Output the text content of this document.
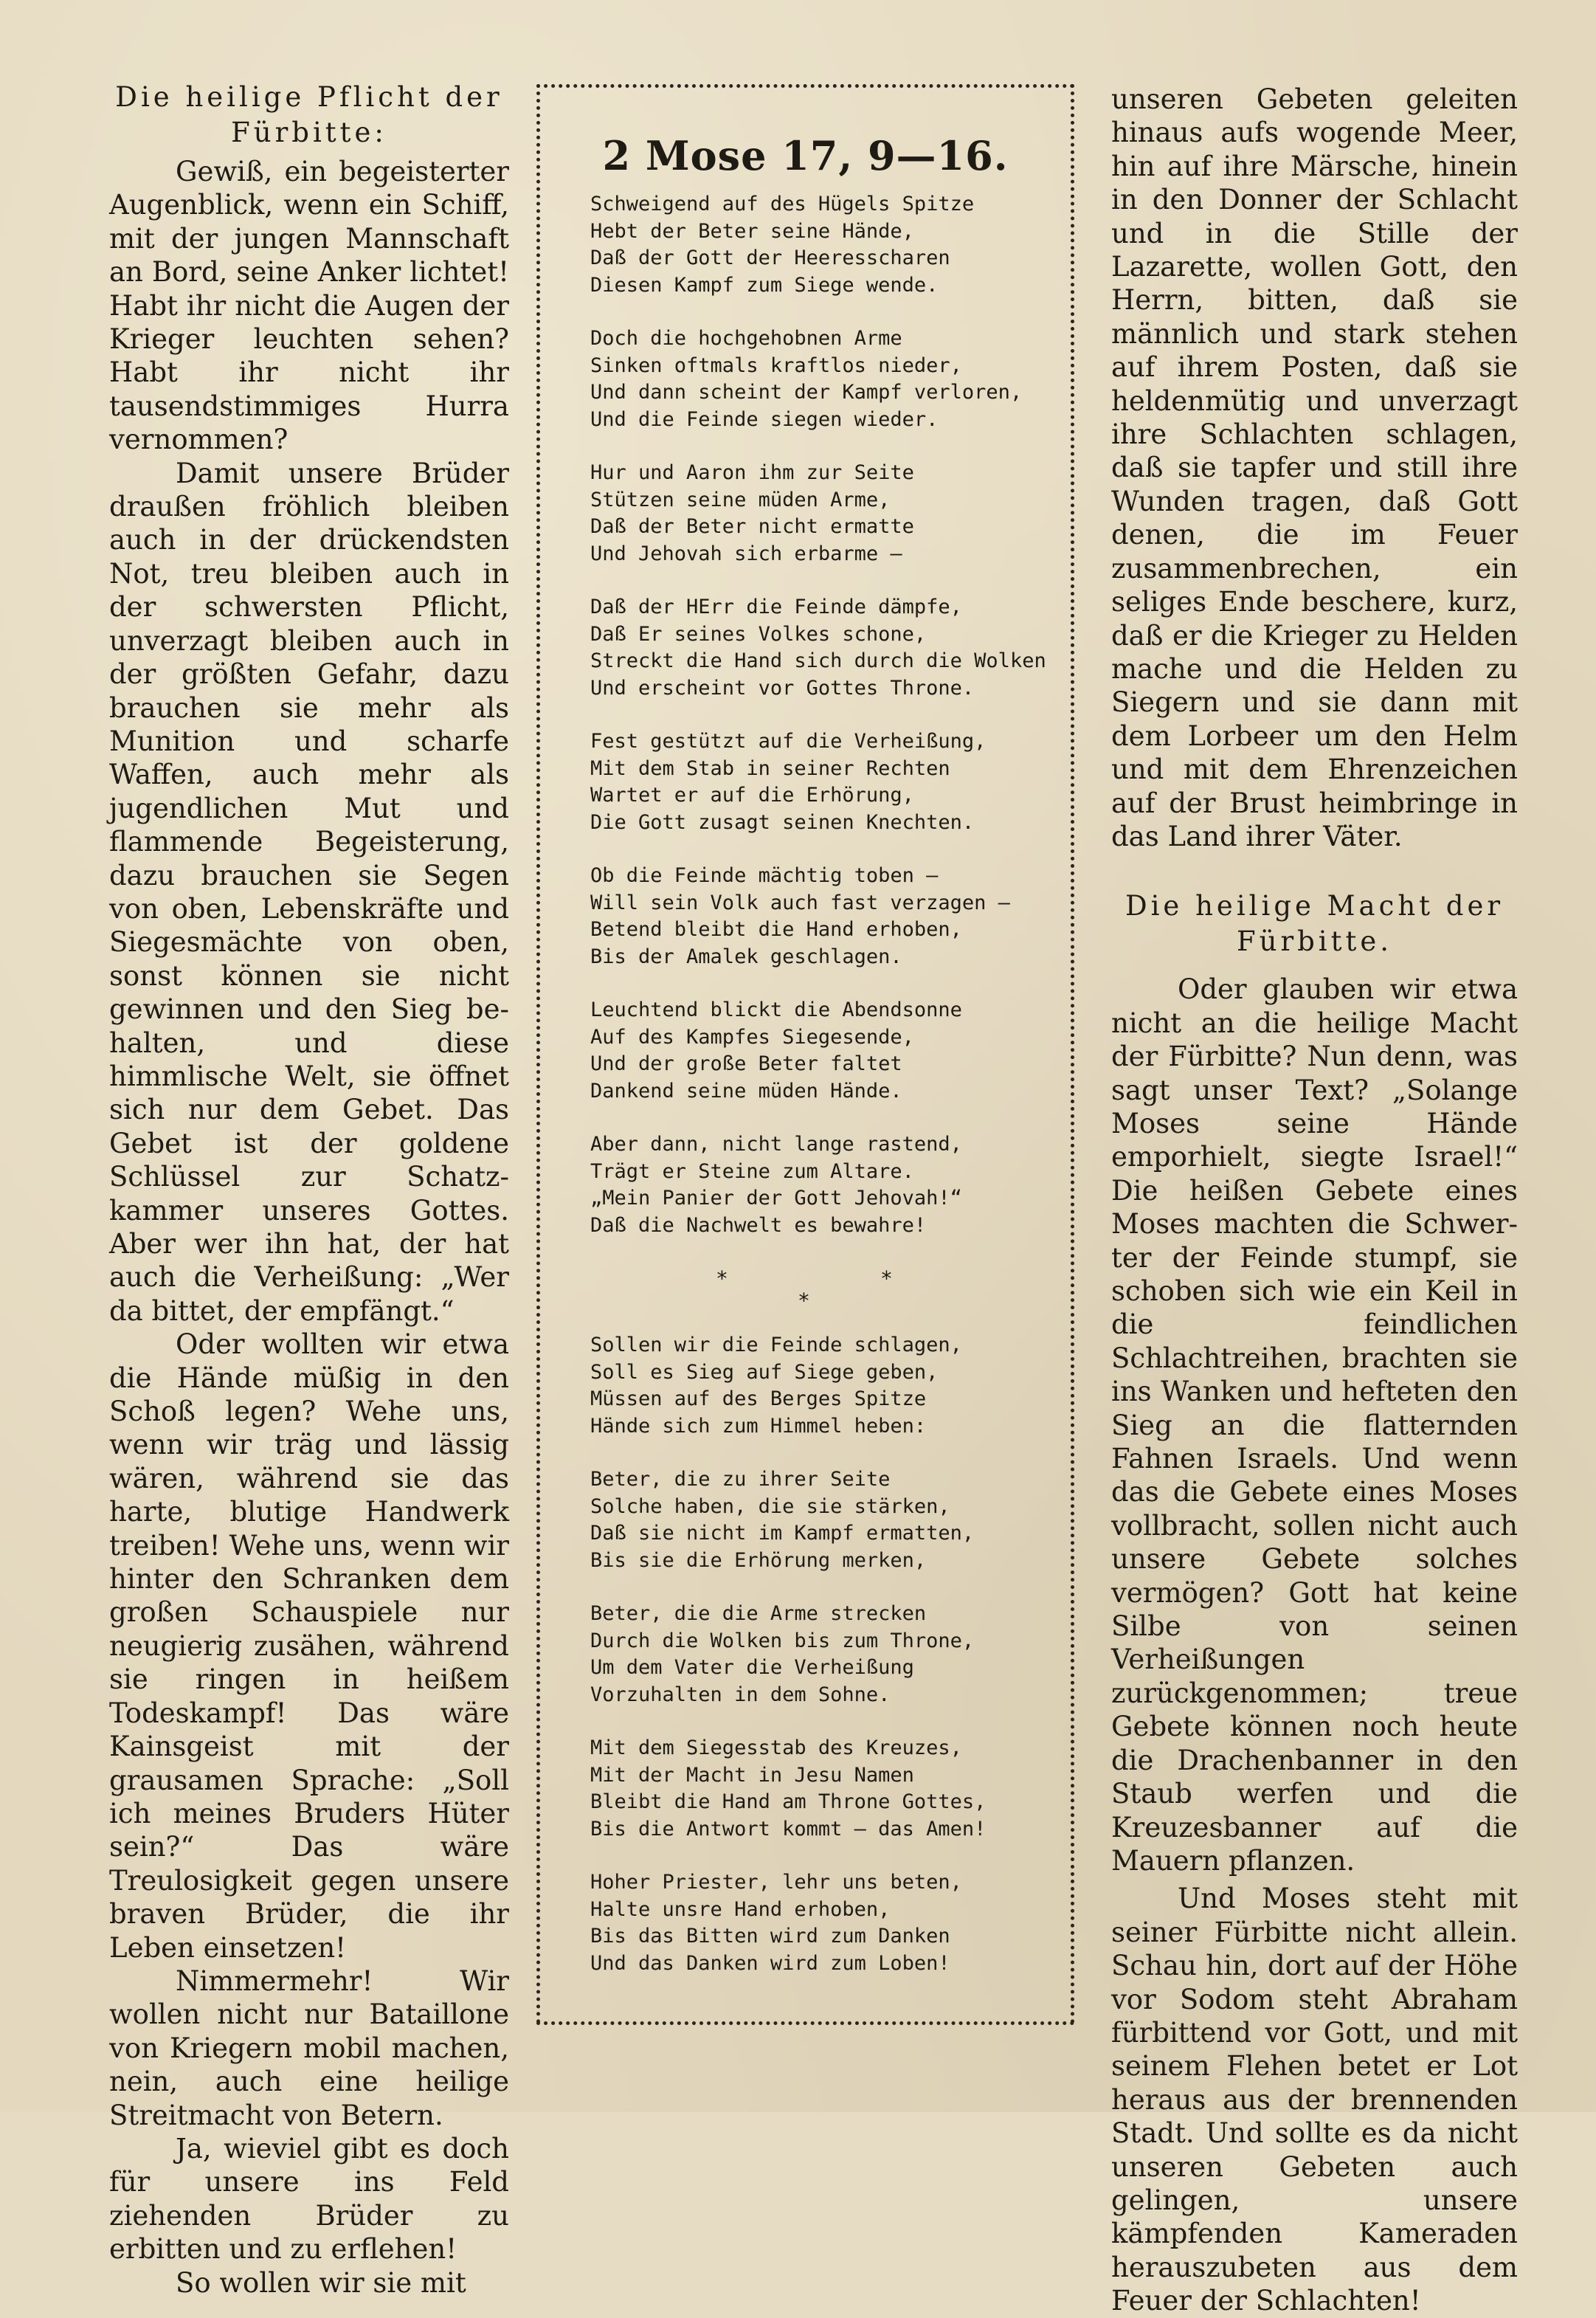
Die heilige Pflicht der Fürbitte:

Gewiß, ein begeisterter Augenblick, wenn ein Schiff, mit der jungen Mannschaft an Bord, seine Anker lichtet! Habt ihr nicht die Augen der Krieger leuchten sehen? Habt ihr nicht ihr tausendstimmiges Hurra vernommen?

Damit unsere Brüder draußen fröhlich bleiben auch in der drückendsten Not, treu bleiben auch in der schwersten Pflicht, unverzagt bleiben auch in der größten Gefahr, dazu brauchen sie mehr als Munition und scharfe Waffen, auch mehr als jugendlichen Mut und flammende Begeisterung, dazu brauchen sie Segen von oben, Lebenskräfte und Siegesmächte von oben, sonst können sie nicht gewinnen und den Sieg behalten, und diese himmlische Welt, sie öffnet sich nur dem Gebet. Das Gebet ist der goldene Schlüssel zur Schatzkammer unseres Gottes. Aber wer ihn hat, der hat auch die Verheißung: „Wer da bittet, der empfängt.“

Oder wollten wir etwa die Hände müßig in den Schoß legen? Wehe uns, wenn wir träg und lässig wären, während sie das harte, blutige Handwerk treiben! Wehe uns, wenn wir hinter den Schranken dem großen Schauspiele nur neugierig zusähen, während sie ringen in heißem Todeskampf! Das wäre Kainsgeist mit der grausamen Sprache: „Soll ich meines Bruders Hüter sein?“ Das wäre Treulosigkeit gegen unsere braven Brüder, die ihr Leben einsetzen!

Nimmermehr! Wir wollen nicht nur Bataillone von Kriegern mobil machen, nein, auch eine heilige Streitmacht von Betern.

Ja, wieviel gibt es doch für unsere ins Feld ziehenden Brüder zu erbitten und zu erflehen!

So wollen wir sie mit

2 Mose 17, 9—16.
Schweigend auf des Hügels Spitze
Hebt der Beter seine Hände,
Daß der Gott der Heeresscharen
Diesen Kampf zum Siege wende.
Doch die hochgehobnen Arme
Sinken oftmals kraftlos nieder,
Und dann scheint der Kampf verloren,
Und die Feinde siegen wieder.
Hur und Aaron ihm zur Seite
Stützen seine müden Arme,
Daß der Beter nicht ermatte
Und Jehovah sich erbarme —
Daß der HErr die Feinde dämpfe,
Daß Er seines Volkes schone,
Streckt die Hand sich durch die Wolken
Und erscheint vor Gottes Throne.
Fest gestützt auf die Verheißung,
Mit dem Stab in seiner Rechten
Wartet er auf die Erhörung,
Die Gott zusagt seinen Knechten.
Ob die Feinde mächtig toben —
Will sein Volk auch fast verzagen —
Betend bleibt die Hand erhoben,
Bis der Amalek geschlagen.
Leuchtend blickt die Abendsonne
Auf des Kampfes Siegesende,
Und der große Beter faltet
Dankend seine müden Hände.
Aber dann, nicht lange rastend,
Trägt er Steine zum Altare.
„Mein Panier der Gott Jehovah!“
Daß die Nachwelt es bewahre!
*	*
*
Sollen wir die Feinde schlagen,
Soll es Sieg auf Siege geben,
Müssen auf des Berges Spitze
Hände sich zum Himmel heben:
Beter, die zu ihrer Seite
Solche haben, die sie stärken,
Daß sie nicht im Kampf ermatten,
Bis sie die Erhörung merken,
Beter, die die Arme strecken
Durch die Wolken bis zum Throne,
Um dem Vater die Verheißung
Vorzuhalten in dem Sohne.
Mit dem Siegesstab des Kreuzes,
Mit der Macht in Jesu Namen
Bleibt die Hand am Throne Gottes,
Bis die Antwort kommt — das Amen!
Hoher Priester, lehr uns beten,
Halte unsre Hand erhoben,
Bis das Bitten wird zum Danken
Und das Danken wird zum Loben!

unseren Gebeten geleiten hinaus aufs wogende Meer, hin auf ihre Märsche, hinein in den Donner der Schlacht und in die Stille der Lazarette, wollen Gott, den Herrn, bitten, daß sie männlich und stark stehen auf ihrem Posten, daß sie heldenmütig und unverzagt ihre Schlachten schlagen, daß sie tapfer und still ihre Wunden tragen, daß Gott denen, die im Feuer zusammenbrechen, ein seliges Ende beschere, kurz, daß er die Krieger zu Helden mache und die Helden zu Siegern und sie dann mit dem Lorbeer um den Helm und mit dem Ehrenzeichen auf der Brust heimbringe in das Land ihrer Väter.

Die heilige Macht der Fürbitte.

Oder glauben wir etwa nicht an die heilige Macht der Fürbitte? Nun denn, was sagt unser Text? „Solange Moses seine Hände emporhielt, siegte Israel!“ Die heißen Gebete eines Moses machten die Schwerter der Feinde stumpf, sie schoben sich wie ein Keil in die feindlichen Schlachtreihen, brachten sie ins Wanken und hefteten den Sieg an die flatternden Fahnen Israels. Und wenn das die Gebete eines Moses vollbracht, sollen nicht auch unsere Gebete solches vermögen? Gott hat keine Silbe von seinen Verheißungen zurückgenommen; treue Gebete können noch heute die Drachenbanner in den Staub werfen und die Kreuzesbanner auf die Mauern pflanzen.

Und Moses steht mit seiner Fürbitte nicht allein. Schau hin, dort auf der Höhe vor Sodom steht Abraham fürbittend vor Gott, und mit seinem Flehen betet er Lot heraus aus der brennenden Stadt. Und sollte es da nicht unseren Gebeten auch gelingen, unsere kämpfenden Kameraden herauszubeten aus dem Feuer der Schlachten!
